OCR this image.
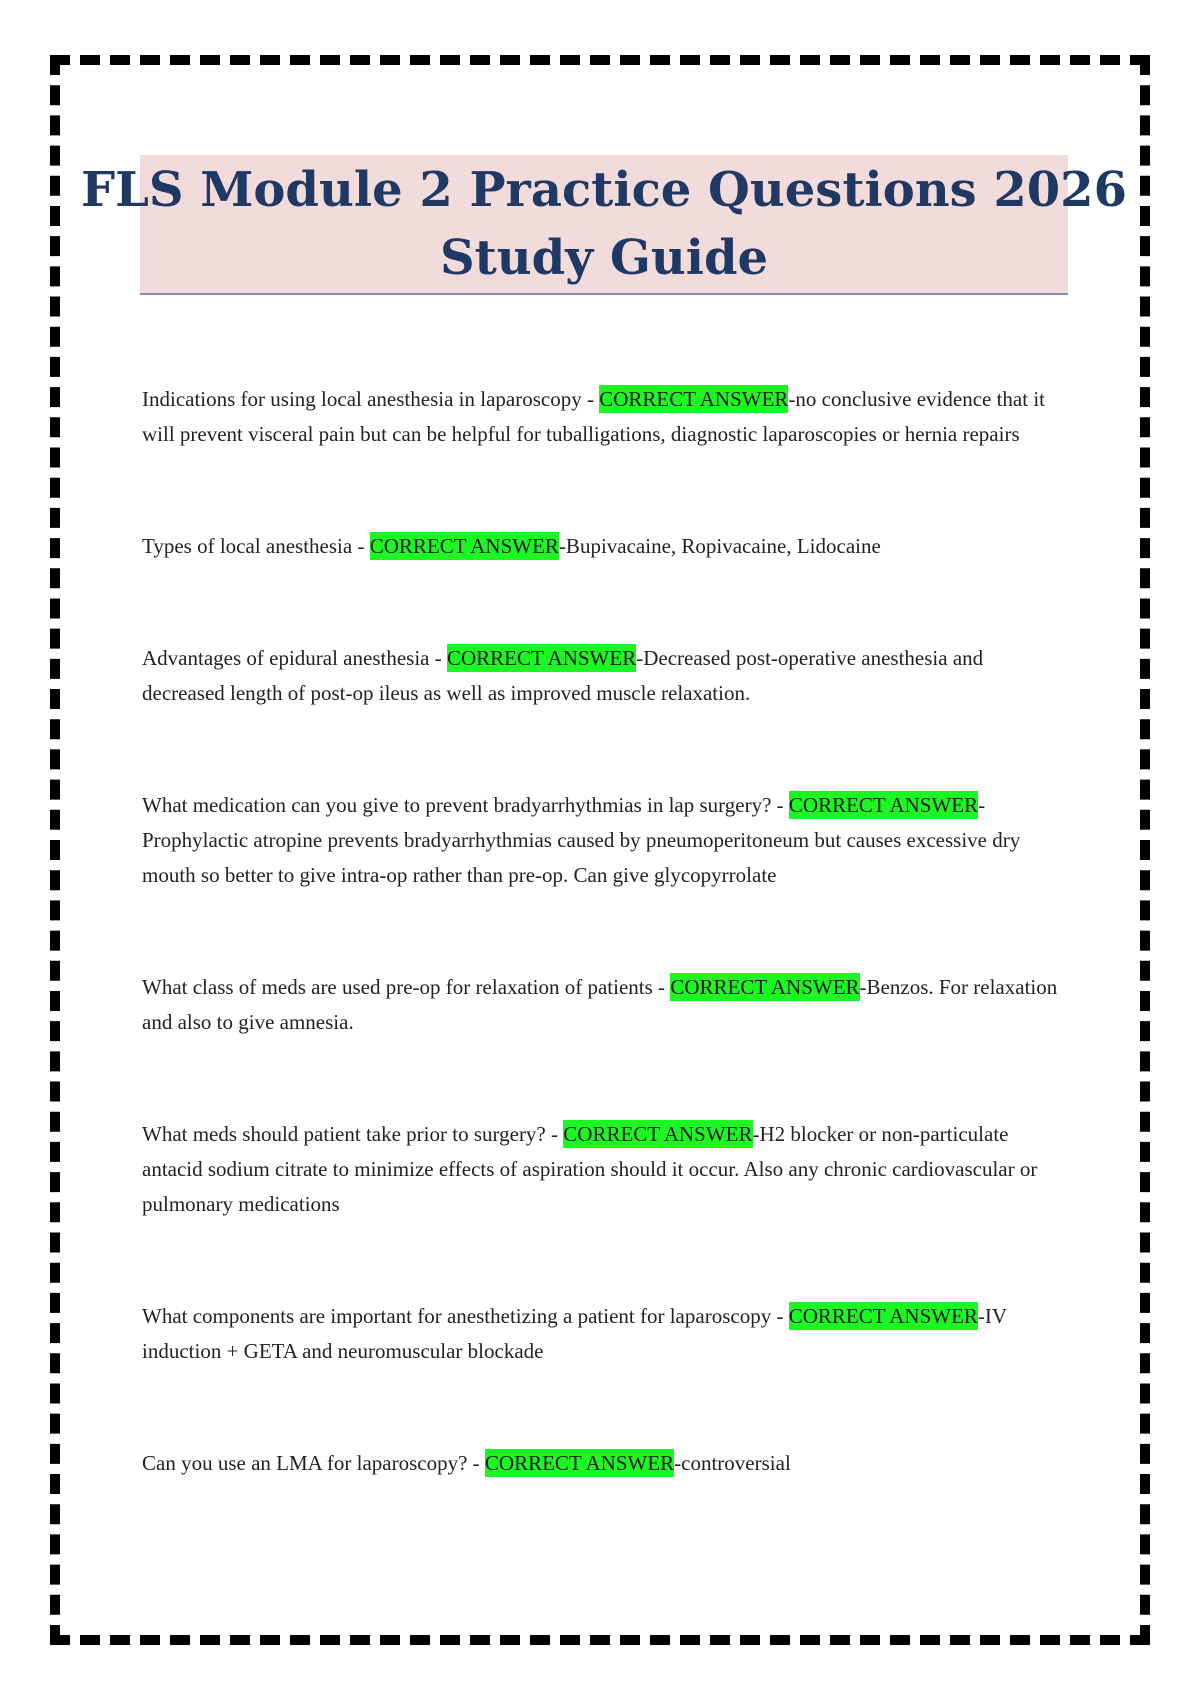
FLS Module 2 Practice Questions 2026
Study Guide

Indications for using local anesthesia in laparoscopy - CORRECT ANSWER-no conclusive evidence that it will prevent visceral pain but can be helpful for tuballigations, diagnostic laparoscopies or hernia repairs

Types of local anesthesia - CORRECT ANSWER-Bupivacaine, Ropivacaine, Lidocaine

Advantages of epidural anesthesia - CORRECT ANSWER-Decreased post-operative anesthesia and decreased length of post-op ileus as well as improved muscle relaxation.

What medication can you give to prevent bradyarrhythmias in lap surgery? - CORRECT ANSWER-Prophylactic atropine prevents bradyarrhythmias caused by pneumoperitoneum but causes excessive dry mouth so better to give intra-op rather than pre-op. Can give glycopyrrolate

What class of meds are used pre-op for relaxation of patients - CORRECT ANSWER-Benzos. For relaxation and also to give amnesia.

What meds should patient take prior to surgery? - CORRECT ANSWER-H2 blocker or non-particulate antacid sodium citrate to minimize effects of aspiration should it occur. Also any chronic cardiovascular or pulmonary medications

What components are important for anesthetizing a patient for laparoscopy - CORRECT ANSWER-IV induction + GETA and neuromuscular blockade

Can you use an LMA for laparoscopy? - CORRECT ANSWER-controversial
